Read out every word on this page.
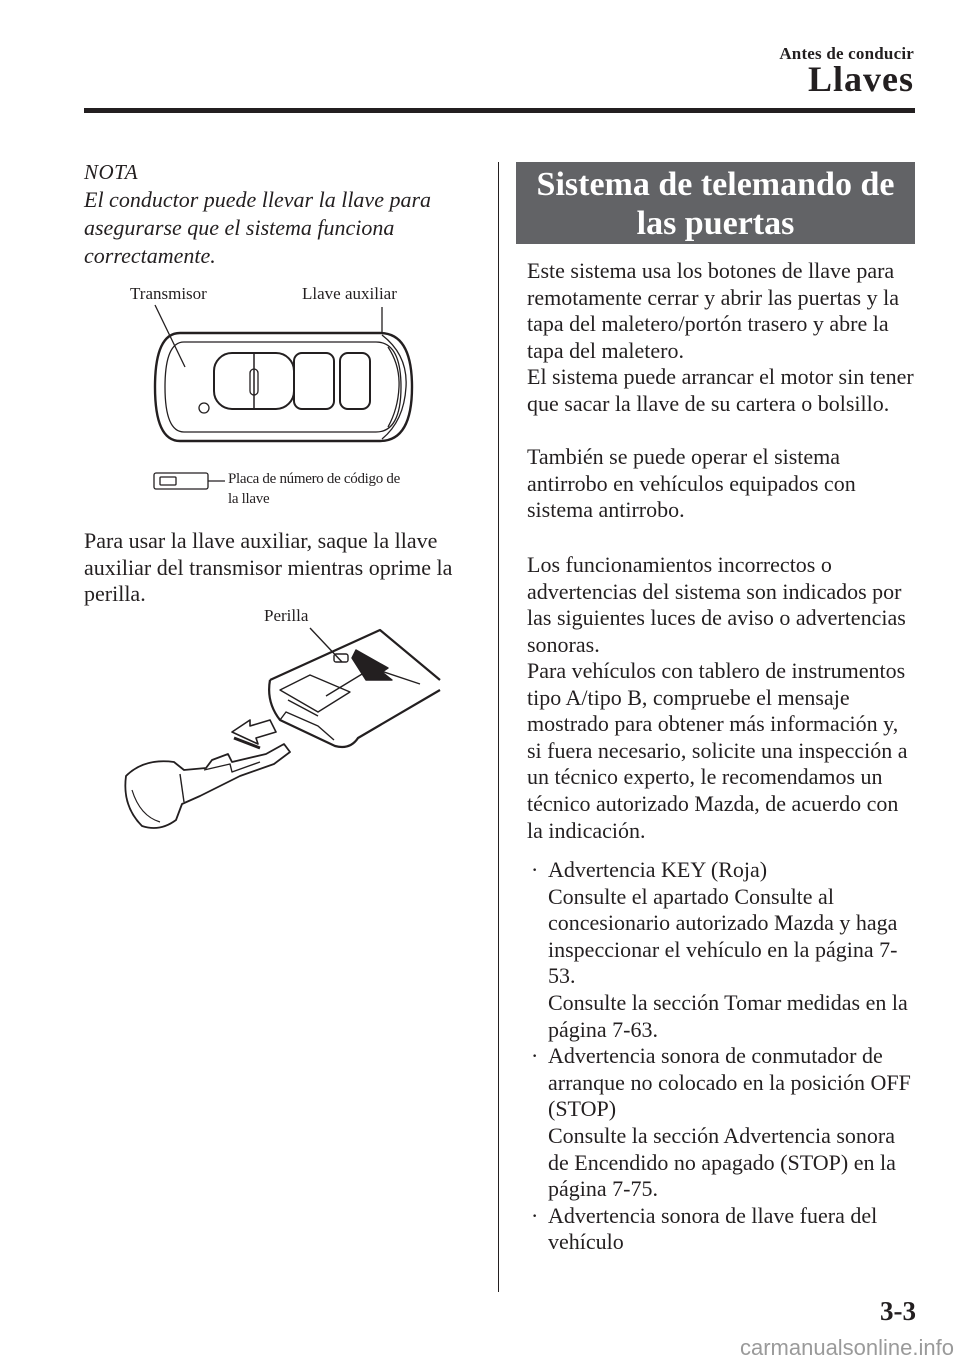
Antes de conducir
Llaves
NOTA
El conductor puede llevar la llave para asegurarse que el sistema funciona correctamente.
Transmisor	Llave auxiliar
Placa de número de código de
la llave

Para usar la llave auxiliar, saque la llave auxiliar del transmisor mientras oprime la perilla.

Perilla
Sistema de telemando de
las puertas

Este sistema usa los botones de llave para remotamente cerrar y abrir las puertas y la tapa del maletero/portón trasero y abre la tapa del maletero.

El sistema puede arrancar el motor sin tener que sacar la llave de su cartera o bolsillo.

También se puede operar el sistema antirrobo en vehículos equipados con sistema antirrobo.

Los funcionamientos incorrectos o advertencias del sistema son indicados por las siguientes luces de aviso o advertencias sonoras.

Para vehículos con tablero de instrumentos tipo A/tipo B, compruebe el mensaje mostrado para obtener más información y, si fuera necesario, solicite una inspección a un técnico experto, le recomendamos un técnico autorizado Mazda, de acuerdo con la indicación.

· Advertencia KEY (Roja)

Consulte el apartado Consulte al concesionario autorizado Mazda y haga inspeccionar el vehículo en la página 7-53.

Consulte la sección Tomar medidas en la página 7-63.

· Advertencia sonora de conmutador de arranque no colocado en la posición OFF (STOP)

Consulte la sección Advertencia sonora de Encendido no apagado (STOP) en la página 7-75.

· Advertencia sonora de llave fuera del vehículo

3-3
carmanualsonline.info
